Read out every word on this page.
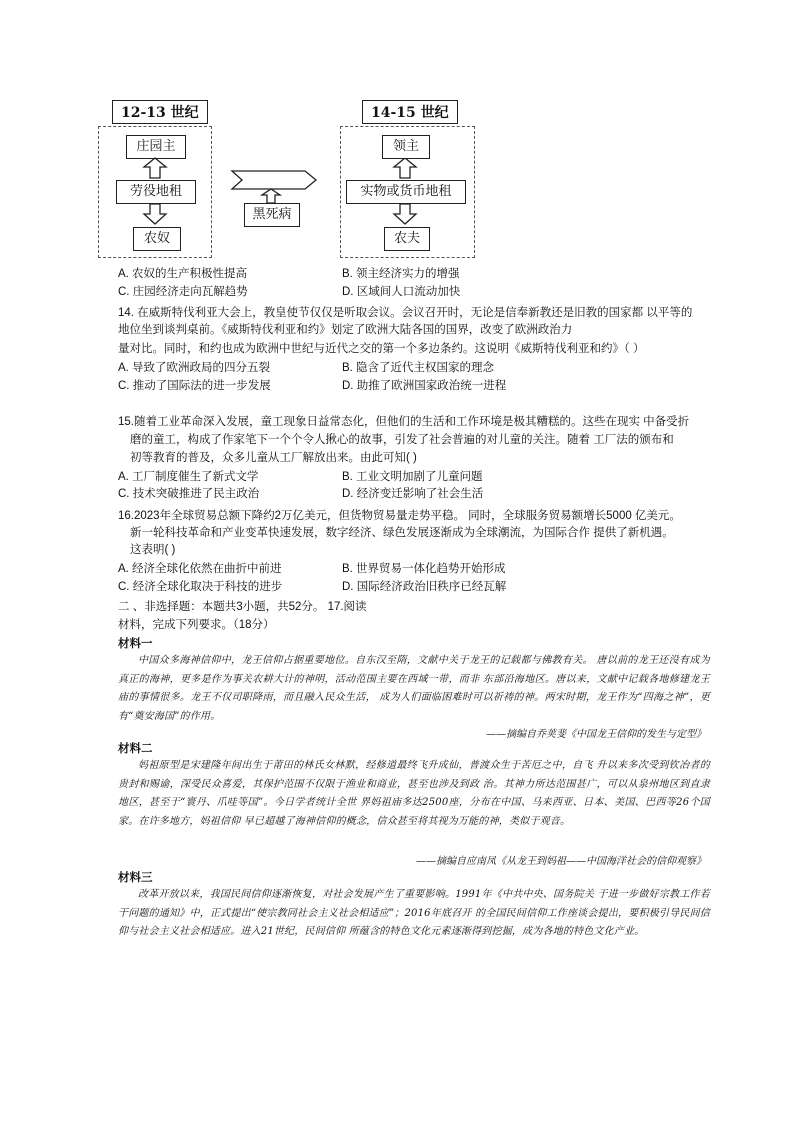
12-13 世纪
庄园主
劳役地租
农奴
黑死病
14-15 世纪
领主
实物或货币地租
农夫
A. 农奴的生产积极性提高	B. 领主经济实力的增强
C. 庄园经济走向瓦解趋势	D. 区域间人口流动加快
14. 在威斯特伐利亚大会上，教皇使节仅仅是听取会议。会议召开时，无论是信奉新教还是旧教的国家都 以平等的
地位坐到谈判桌前。《威斯特伐利亚和约》划定了欧洲大陆各国的国界，改变了欧洲政治力
量对比。同时，和约也成为欧洲中世纪与近代之交的第一个多边条约。这说明《威斯特伐利亚和约》（ ）
A. 导致了欧洲政局的四分五裂	B. 隐含了近代主权国家的理念
C. 推动了国际法的进一步发展	D. 助推了欧洲国家政治统一进程
15.随着工业革命深入发展，童工现象日益常态化，但他们的生活和工作环境是极其糟糕的。这些在现实 中备受折
磨的童工，构成了作家笔下一个个令人揪心的故事，引发了社会普遍的对儿童的关注。随着 工厂法的颁布和
初等教育的普及，众多儿童从工厂解放出来。由此可知( )
A. 工厂制度催生了新式文学	B. 工业文明加剧了儿童问题
C. 技术突破推进了民主政治	D. 经济变迁影响了社会生活
16.2023年全球贸易总额下降约2万亿美元，但货物贸易量走势平稳。 同时，全球服务贸易额增长5000 亿美元。
新一轮科技革命和产业变革快速发展，数字经济、绿色发展逐渐成为全球潮流，为国际合作 提供了新机遇。
这表明( )
A. 经济全球化依然在曲折中前进	B. 世界贸易一体化趋势开始形成
C. 经济全球化取决于科技的进步	D. 国际经济政治旧秩序已经瓦解
二 、非选择题：本题共3小题，共52分。 17.阅读
材料，完成下列要求。（18分）
材料一
中国众多海神信仰中，龙王信仰占据重要地位。自东汉至隋，文献中关于龙王的记载都与佛教有关。 唐以前的龙王还没有成为真正的海神，更多是作为事关农耕大计的神明，活动范围主要在西域一带，而非 东部沿海地区。唐以来，文献中记载各地修建龙王庙的事情很多。龙王不仅司职降雨，而且融入民众生活， 成为人们面临困难时可以祈祷的神。两宋时期，龙王作为“四海之神”，更有“奠安海国”的作用。
——摘编自乔荚斐《中国龙王信仰的发生与定型》
材料二
妈祖原型是宋建隆年间出生于莆田的林氏女林默，经修道最终飞升成仙，普渡众生于苦厄之中，自飞 升以来多次受到钦冶者的贵封和赐谕，深受民众喜爱，其保护范围不仅限于渔业和商业，甚至也涉及到政 治。其神力所达范围甚广，可以从泉州地区到直隶地区，甚至于“寰丹、爪哇等国”。今日学者统计全世 界妈祖庙多达2500座，分布在中国、马来西亚、日本、美国、巴西等26个国家。在许多地方，妈祖信仰 早已超越了海神信仰的概念，信众甚至将其视为万能的神，类似于观音。
——摘编自应南凤《从龙王到妈祖——中国海洋社会的信仰观察》
材料三
改革开放以来，我国民间信仰逐渐恢复，对社会发展产生了重要影响。1991年《中共中央、国务院关 于进一步做好宗教工作若干问题的通知》中，正式提出“使宗教同社会主义社会相适应”；2016年底召开 的全国民间信仰工作座谈会提出，要积极引导民间信仰与社会主义社会相适应。进入21世纪，民间信仰 所蕴含的特色文化元素逐渐得到挖掘，成为各地的特色文化产业。
